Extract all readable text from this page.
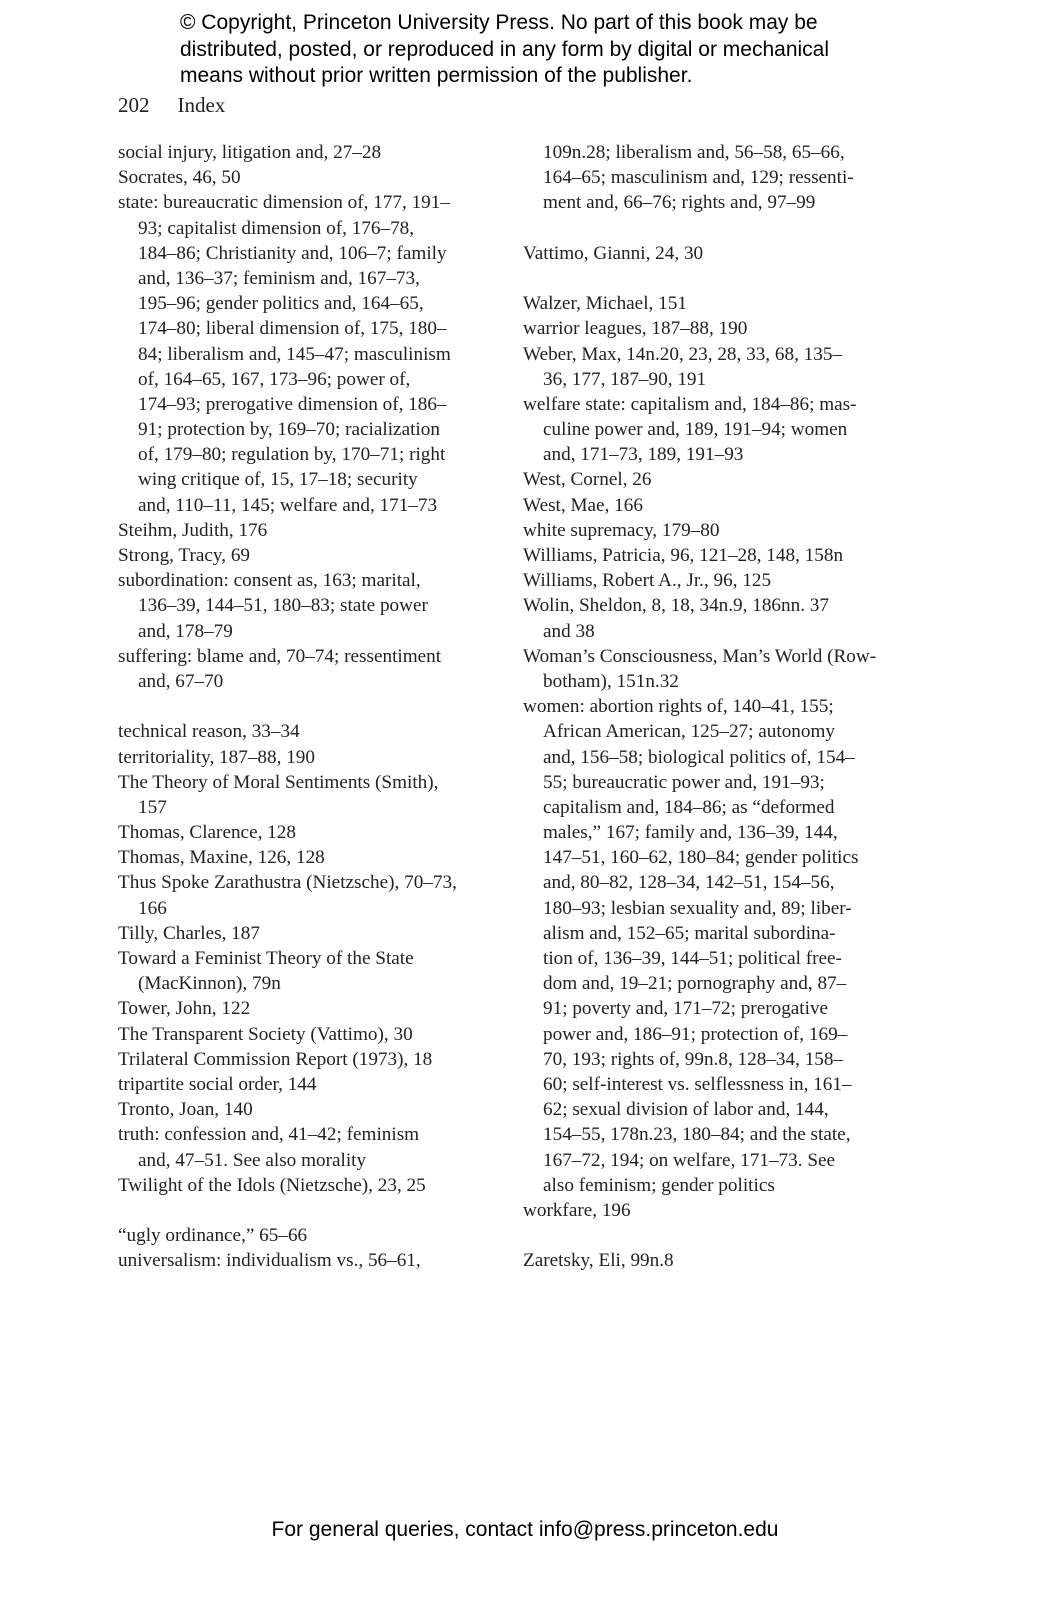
© Copyright, Princeton University Press. No part of this book may be
distributed, posted, or reproduced in any form by digital or mechanical
means without prior written permission of the publisher.
202 Index
social injury, litigation and, 27–28
Socrates, 46, 50
state: bureaucratic dimension of, 177, 191–
93; capitalist dimension of, 176–78,
184–86; Christianity and, 106–7; family
and, 136–37; feminism and, 167–73,
195–96; gender politics and, 164–65,
174–80; liberal dimension of, 175, 180–
84; liberalism and, 145–47; masculinism
of, 164–65, 167, 173–96; power of,
174–93; prerogative dimension of, 186–
91; protection by, 169–70; racialization
of, 179–80; regulation by, 170–71; right
wing critique of, 15, 17–18; security
and, 110–11, 145; welfare and, 171–73
Steihm, Judith, 176
Strong, Tracy, 69
subordination: consent as, 163; marital,
136–39, 144–51, 180–83; state power
and, 178–79
suffering: blame and, 70–74; ressentiment
and, 67–70
technical reason, 33–34
territoriality, 187–88, 190
The Theory of Moral Sentiments (Smith),
157
Thomas, Clarence, 128
Thomas, Maxine, 126, 128
Thus Spoke Zarathustra (Nietzsche), 70–73,
166
Tilly, Charles, 187
Toward a Feminist Theory of the State
(MacKinnon), 79n
Tower, John, 122
The Transparent Society (Vattimo), 30
Trilateral Commission Report (1973), 18
tripartite social order, 144
Tronto, Joan, 140
truth: confession and, 41–42; feminism
and, 47–51. See also morality
Twilight of the Idols (Nietzsche), 23, 25
“ugly ordinance,” 65–66
universalism: individualism vs., 56–61,
109n.28; liberalism and, 56–58, 65–66,
164–65; masculinism and, 129; ressenti-
ment and, 66–76; rights and, 97–99
Vattimo, Gianni, 24, 30
Walzer, Michael, 151
warrior leagues, 187–88, 190
Weber, Max, 14n.20, 23, 28, 33, 68, 135–
36, 177, 187–90, 191
welfare state: capitalism and, 184–86; mas-
culine power and, 189, 191–94; women
and, 171–73, 189, 191–93
West, Cornel, 26
West, Mae, 166
white supremacy, 179–80
Williams, Patricia, 96, 121–28, 148, 158n
Williams, Robert A., Jr., 96, 125
Wolin, Sheldon, 8, 18, 34n.9, 186nn. 37
and 38
Woman’s Consciousness, Man’s World (Row-
botham), 151n.32
women: abortion rights of, 140–41, 155;
African American, 125–27; autonomy
and, 156–58; biological politics of, 154–
55; bureaucratic power and, 191–93;
capitalism and, 184–86; as “deformed
males,” 167; family and, 136–39, 144,
147–51, 160–62, 180–84; gender politics
and, 80–82, 128–34, 142–51, 154–56,
180–93; lesbian sexuality and, 89; liber-
alism and, 152–65; marital subordina-
tion of, 136–39, 144–51; political free-
dom and, 19–21; pornography and, 87–
91; poverty and, 171–72; prerogative
power and, 186–91; protection of, 169–
70, 193; rights of, 99n.8, 128–34, 158–
60; self-interest vs. selflessness in, 161–
62; sexual division of labor and, 144,
154–55, 178n.23, 180–84; and the state,
167–72, 194; on welfare, 171–73. See
also feminism; gender politics
workfare, 196
Zaretsky, Eli, 99n.8
For general queries, contact info@press.princeton.edu
